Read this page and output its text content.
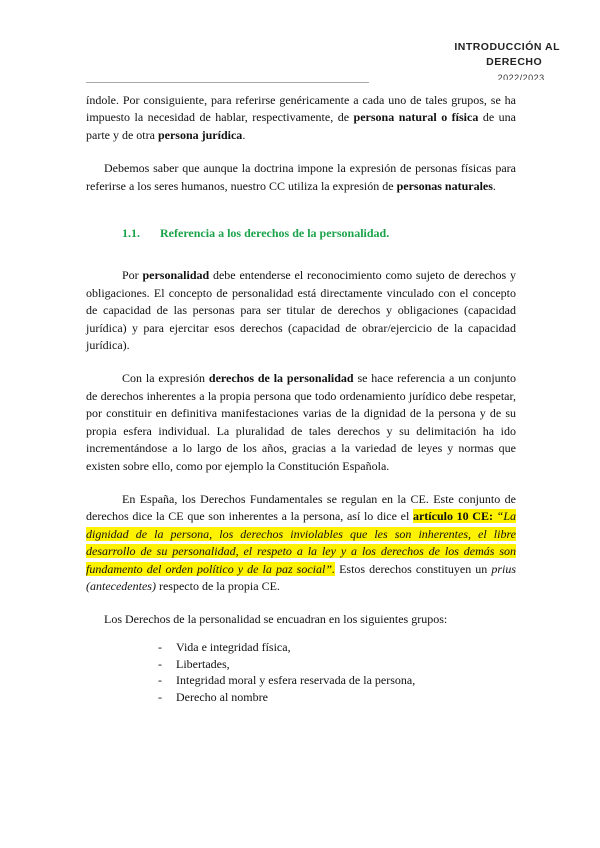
INTRODUCCIÓN AL
DERECHO
2022/2023

índole. Por consiguiente, para referirse genéricamente a cada uno de tales grupos, se ha impuesto la necesidad de hablar, respectivamente, de persona natural o física de una parte y de otra persona jurídica.

Debemos saber que aunque la doctrina impone la expresión de personas físicas para referirse a los seres humanos, nuestro CC utiliza la expresión de personas naturales.

1.1. Referencia a los derechos de la personalidad.

Por personalidad debe entenderse el reconocimiento como sujeto de derechos y obligaciones. El concepto de personalidad está directamente vinculado con el concepto de capacidad de las personas para ser titular de derechos y obligaciones (capacidad jurídica) y para ejercitar esos derechos (capacidad de obrar/ejercicio de la capacidad jurídica).

Con la expresión derechos de la personalidad se hace referencia a un conjunto de derechos inherentes a la propia persona que todo ordenamiento jurídico debe respetar, por constituir en definitiva manifestaciones varias de la dignidad de la persona y de su propia esfera individual. La pluralidad de tales derechos y su delimitación ha ido incrementándose a lo largo de los años, gracias a la variedad de leyes y normas que existen sobre ello, como por ejemplo la Constitución Española.

En España, los Derechos Fundamentales se regulan en la CE. Este conjunto de derechos dice la CE que son inherentes a la persona, así lo dice el artículo 10 CE: “La dignidad de la persona, los derechos inviolables que les son inherentes, el libre desarrollo de su personalidad, el respeto a la ley y a los derechos de los demás son fundamento del orden político y de la paz social”. Estos derechos constituyen un prius (antecedentes) respecto de la propia CE.

Los Derechos de la personalidad se encuadran en los siguientes grupos:

- Vida e integridad física,
- Libertades,
- Integridad moral y esfera reservada de la persona,
- Derecho al nombre
